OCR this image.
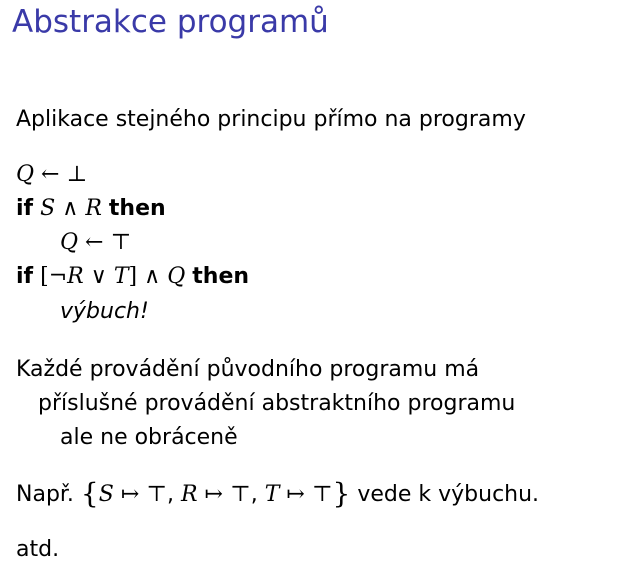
Abstrakce programů
Aplikace stejného principu přímo na programy
Q ← ⊥
if S ∧ R then
Q ← ⊤
if [¬R ∨ T] ∧ Q then
výbuch!
Každé provádění původního programu má
příslušné provádění abstraktního programu
ale ne obráceně
Např. {S ↦ ⊤, R ↦ ⊤, T ↦ ⊤} vede k výbuchu.
atd.
